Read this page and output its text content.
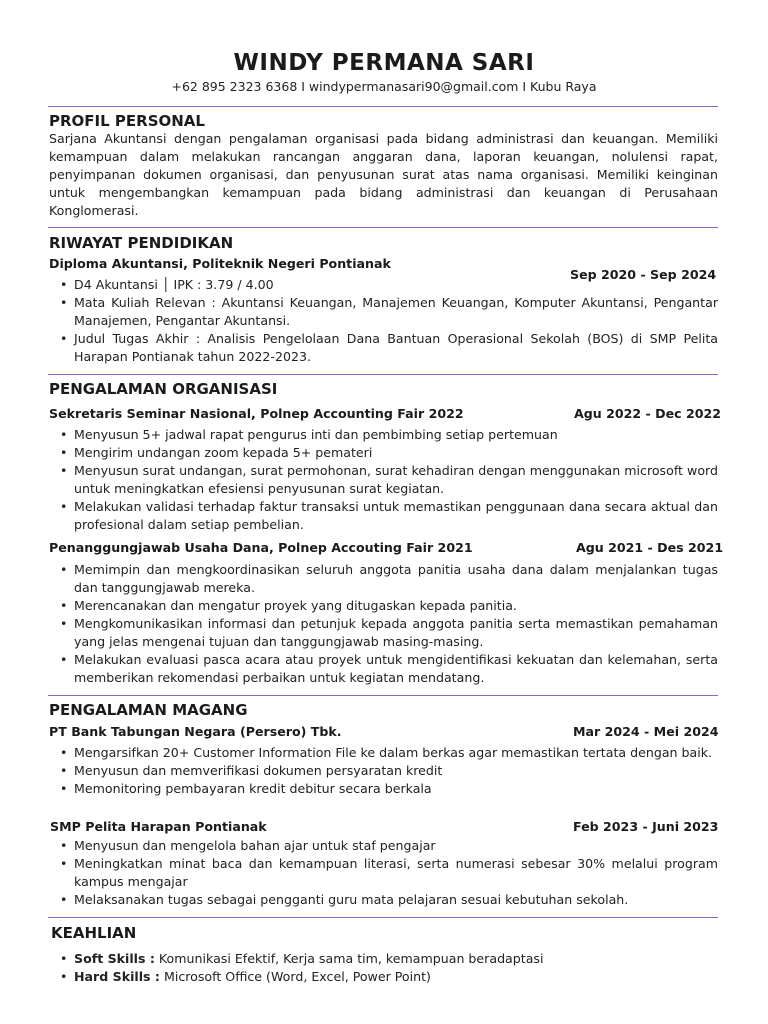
WINDY PERMANA SARI
+62 895 2323 6368 I windypermanasari90@gmail.com I Kubu Raya
PROFIL PERSONAL
Sarjana Akuntansi dengan pengalaman organisasi pada bidang administrasi dan keuangan. Memiliki kemampuan dalam melakukan rancangan anggaran dana, laporan keuangan, nolulensi rapat, penyimpanan dokumen organisasi, dan penyusunan surat atas nama organisasi. Memiliki keinginan untuk mengembangkan kemampuan pada bidang administrasi dan keuangan di Perusahaan Konglomerasi.
RIWAYAT PENDIDIKAN
Diploma Akuntansi, Politeknik Negeri Pontianak
Sep 2020 - Sep 2024
• D4 Akuntansi │ IPK : 3.79 / 4.00
• Mata Kuliah Relevan : Akuntansi Keuangan, Manajemen Keuangan, Komputer Akuntansi, Pengantar Manajemen, Pengantar Akuntansi.
• Judul Tugas Akhir : Analisis Pengelolaan Dana Bantuan Operasional Sekolah (BOS) di SMP Pelita Harapan Pontianak tahun 2022-2023.
PENGALAMAN ORGANISASI
Sekretaris Seminar Nasional, Polnep Accounting Fair 2022	Agu 2022 - Dec 2022
• Menyusun 5+ jadwal rapat pengurus inti dan pembimbing setiap pertemuan
• Mengirim undangan zoom kepada 5+ pemateri
• Menyusun surat undangan, surat permohonan, surat kehadiran dengan menggunakan microsoft word untuk meningkatkan efesiensi penyusunan surat kegiatan.
• Melakukan validasi terhadap faktur transaksi untuk memastikan penggunaan dana secara aktual dan profesional dalam setiap pembelian.
Penanggungjawab Usaha Dana, Polnep Accouting Fair 2021	Agu 2021 - Des 2021
• Memimpin dan mengkoordinasikan seluruh anggota panitia usaha dana dalam menjalankan tugas dan tanggungjawab mereka.
• Merencanakan dan mengatur proyek yang ditugaskan kepada panitia.
• Mengkomunikasikan informasi dan petunjuk kepada anggota panitia serta memastikan pemahaman yang jelas mengenai tujuan dan tanggungjawab masing-masing.
• Melakukan evaluasi pasca acara atau proyek untuk mengidentifikasi kekuatan dan kelemahan, serta memberikan rekomendasi perbaikan untuk kegiatan mendatang.
PENGALAMAN MAGANG
PT Bank Tabungan Negara (Persero) Tbk.	Mar 2024 - Mei 2024
• Mengarsifkan 20+ Customer Information File ke dalam berkas agar memastikan tertata dengan baik.
• Menyusun dan memverifikasi dokumen persyaratan kredit
• Memonitoring pembayaran kredit debitur secara berkala
SMP Pelita Harapan Pontianak	Feb 2023 - Juni 2023
• Menyusun dan mengelola bahan ajar untuk staf pengajar
• Meningkatkan minat baca dan kemampuan literasi, serta numerasi sebesar 30% melalui program kampus mengajar
• Melaksanakan tugas sebagai pengganti guru mata pelajaran sesuai kebutuhan sekolah.
KEAHLIAN
• Soft Skills : Komunikasi Efektif, Kerja sama tim, kemampuan beradaptasi
• Hard Skills : Microsoft Office (Word, Excel, Power Point)
